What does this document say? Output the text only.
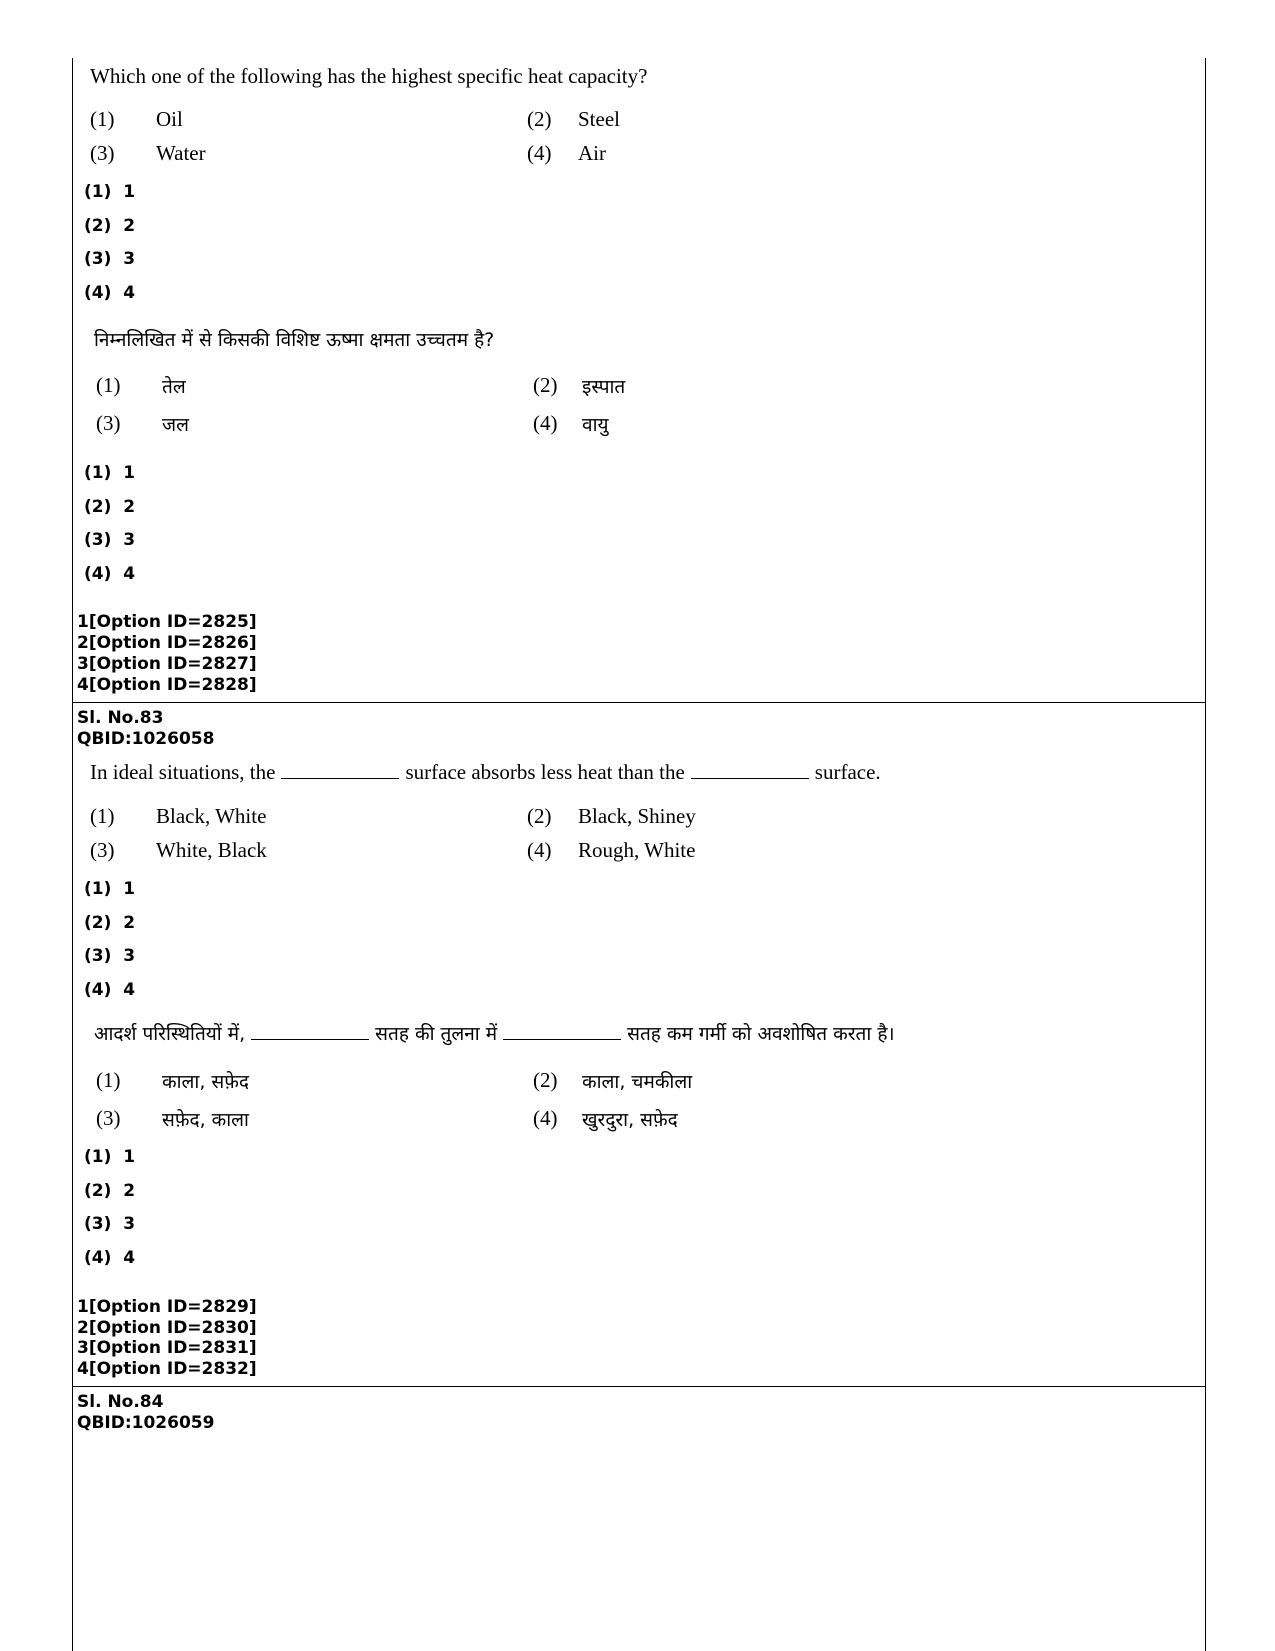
Which one of the following has the highest specific heat capacity?
(1) Oil	(2) Steel
(3) Water	(4) Air
(1)  1
(2)  2
(3)  3
(4)  4
निम्नलिखित में से किसकी विशिष्ट ऊष्मा क्षमता उच्चतम है?
(1) तेल	(2) इस्पात
(3) जल	(4) वायु
(1)  1
(2)  2
(3)  3
(4)  4
1[Option ID=2825]
2[Option ID=2826]
3[Option ID=2827]
4[Option ID=2828]
Sl. No.83
QBID:1026058
In ideal situations, the	surface absorbs less heat than the	surface.
(1) Black, White	(2) Black, Shiney
(3) White, Black	(4) Rough, White
(1)  1
(2)  2
(3)  3
(4)  4
आदर्श परिस्थितियों में,	सतह की तुलना में	सतह कम गर्मी को अवशोषित करता है।
(1) काला, सफ़ेद	(2) काला, चमकीला
(3) सफ़ेद, काला	(4) खुरदुरा, सफ़ेद
(1)  1
(2)  2
(3)  3
(4)  4
1[Option ID=2829]
2[Option ID=2830]
3[Option ID=2831]
4[Option ID=2832]
Sl. No.84
QBID:1026059
